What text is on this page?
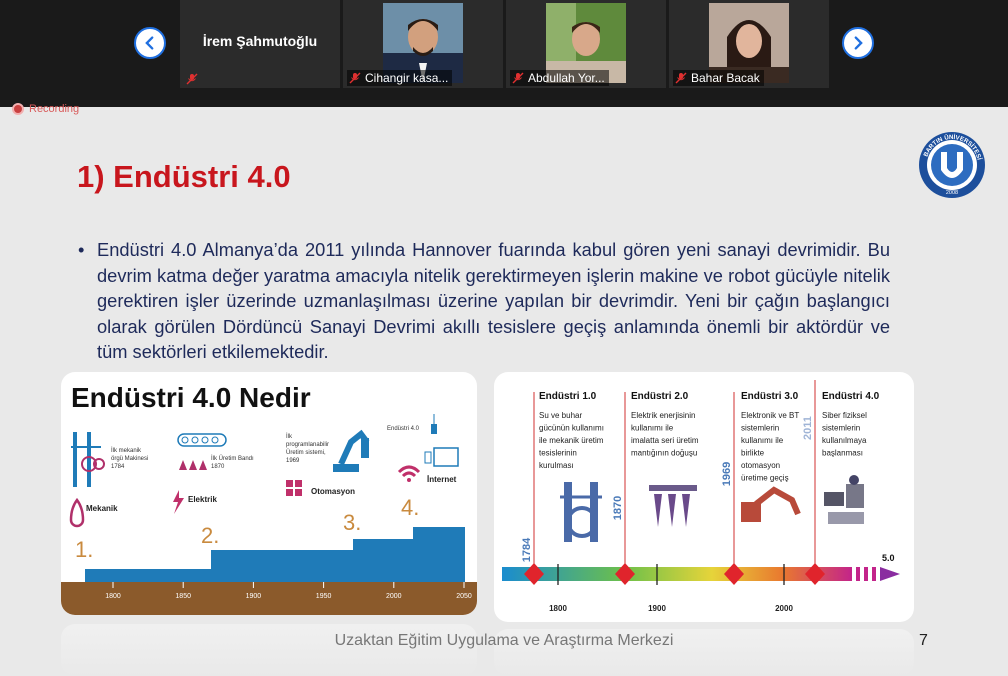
İrem Şahmutoğlu
Cihangir kasa...	Abdullah Yor...	Bahar Bacak
Recording
1) Endüstri 4.0
BARTIN ÜNİVERSİTESİ
2008
• Endüstri 4.0 Almanya’da 2011 yılında Hannover fuarında kabul gören yeni sanayi devrimidir. Bu devrim katma değer yaratma amacıyla nitelik gerektirmeyen işlerin makine ve robot gücüyle nitelik gerektiren işler üzerinde uzmanlaşılması üzerine yapılan bir devrimdir. Yeni bir çağın başlangıcı olarak görülen Dördüncü Sanayi Devrimi akıllı tesislere geçiş anlamında önemli bir aktördür ve tüm sektörleri etkilemektedir.
Endüstri 4.0 Nedir
1.
2.
3.
4.
İlk mekanik
örgü Makinesi
1784
İlk Üretim Bandı
1870
İlk
programlanabilir
Üretim sistemi,
1969
Endüstri 4.0
Mekanik
Elektrik
Otomasyon
İnternet
1800	1850	1900	1950	2000	2050
5.0
Endüstri 1.0
Su ve buhar
gücünün kullanımı
ile mekanik üretim
tesislerinin
kurulması
1784
Endüstri 2.0
Elektrik enerjisinin
kullanımı ile
imalatta seri üretim
mantığının doğuşu
1870
Endüstri 3.0
Elektronik ve BT
sistemlerin
kullanımı ile
birlikte
otomasyon
üretime geçiş
1969
Endüstri 4.0
Siber fiziksel
sistemlerin
kullanılmaya
başlanması
2011
1800	1900	2000
Uzaktan Eğitim Uygulama ve Araştırma Merkezi	7
